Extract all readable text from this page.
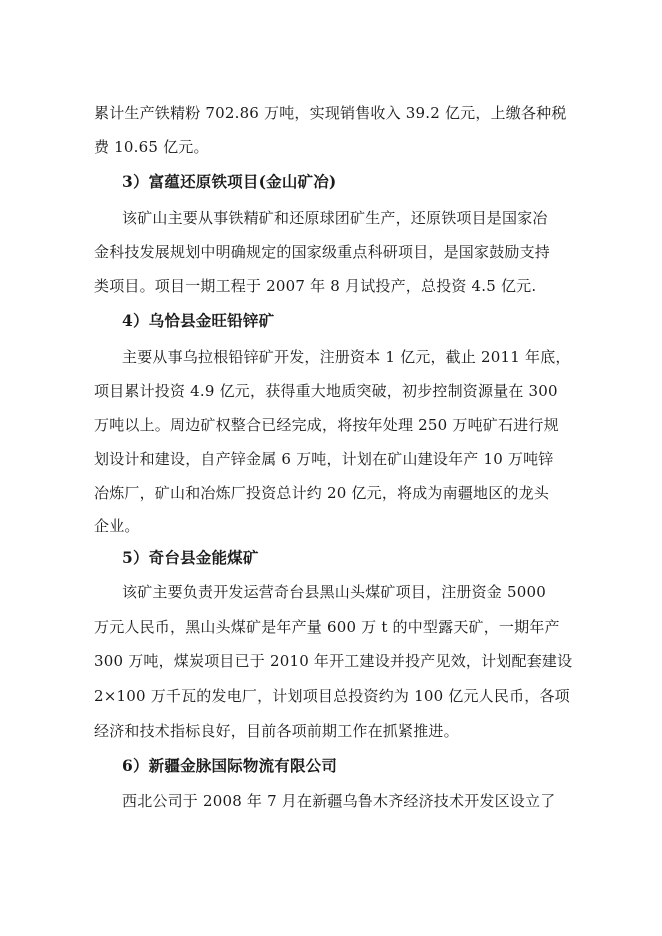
累计生产铁精粉 702.86 万吨，实现销售收入 39.2 亿元，上缴各种税
费 10.65 亿元。
3）富蕴还原铁项目(金山矿冶)
该矿山主要从事铁精矿和还原球团矿生产，还原铁项目是国家冶
金科技发展规划中明确规定的国家级重点科研项目，是国家鼓励支持
类项目。项目一期工程于 2007 年 8 月试投产，总投资 4.5 亿元.
4）乌恰县金旺铅锌矿
主要从事乌拉根铅锌矿开发，注册资本 1 亿元，截止 2011 年底，
项目累计投资 4.9 亿元，获得重大地质突破，初步控制资源量在 300
万吨以上。周边矿权整合已经完成，将按年处理 250 万吨矿石进行规
划设计和建设，自产锌金属 6 万吨，计划在矿山建设年产 10 万吨锌
冶炼厂，矿山和冶炼厂投资总计约 20 亿元，将成为南疆地区的龙头
企业。
5）奇台县金能煤矿
该矿主要负责开发运营奇台县黑山头煤矿项目，注册资金 5000
万元人民币，黑山头煤矿是年产量 600 万 t 的中型露天矿，一期年产
300 万吨，煤炭项目已于 2010 年开工建设并投产见效，计划配套建设
2×100 万千瓦的发电厂，计划项目总投资约为 100 亿元人民币，各项
经济和技术指标良好，目前各项前期工作在抓紧推进。
6）新疆金脉国际物流有限公司
西北公司于 2008 年 7 月在新疆乌鲁木齐经济技术开发区设立了
